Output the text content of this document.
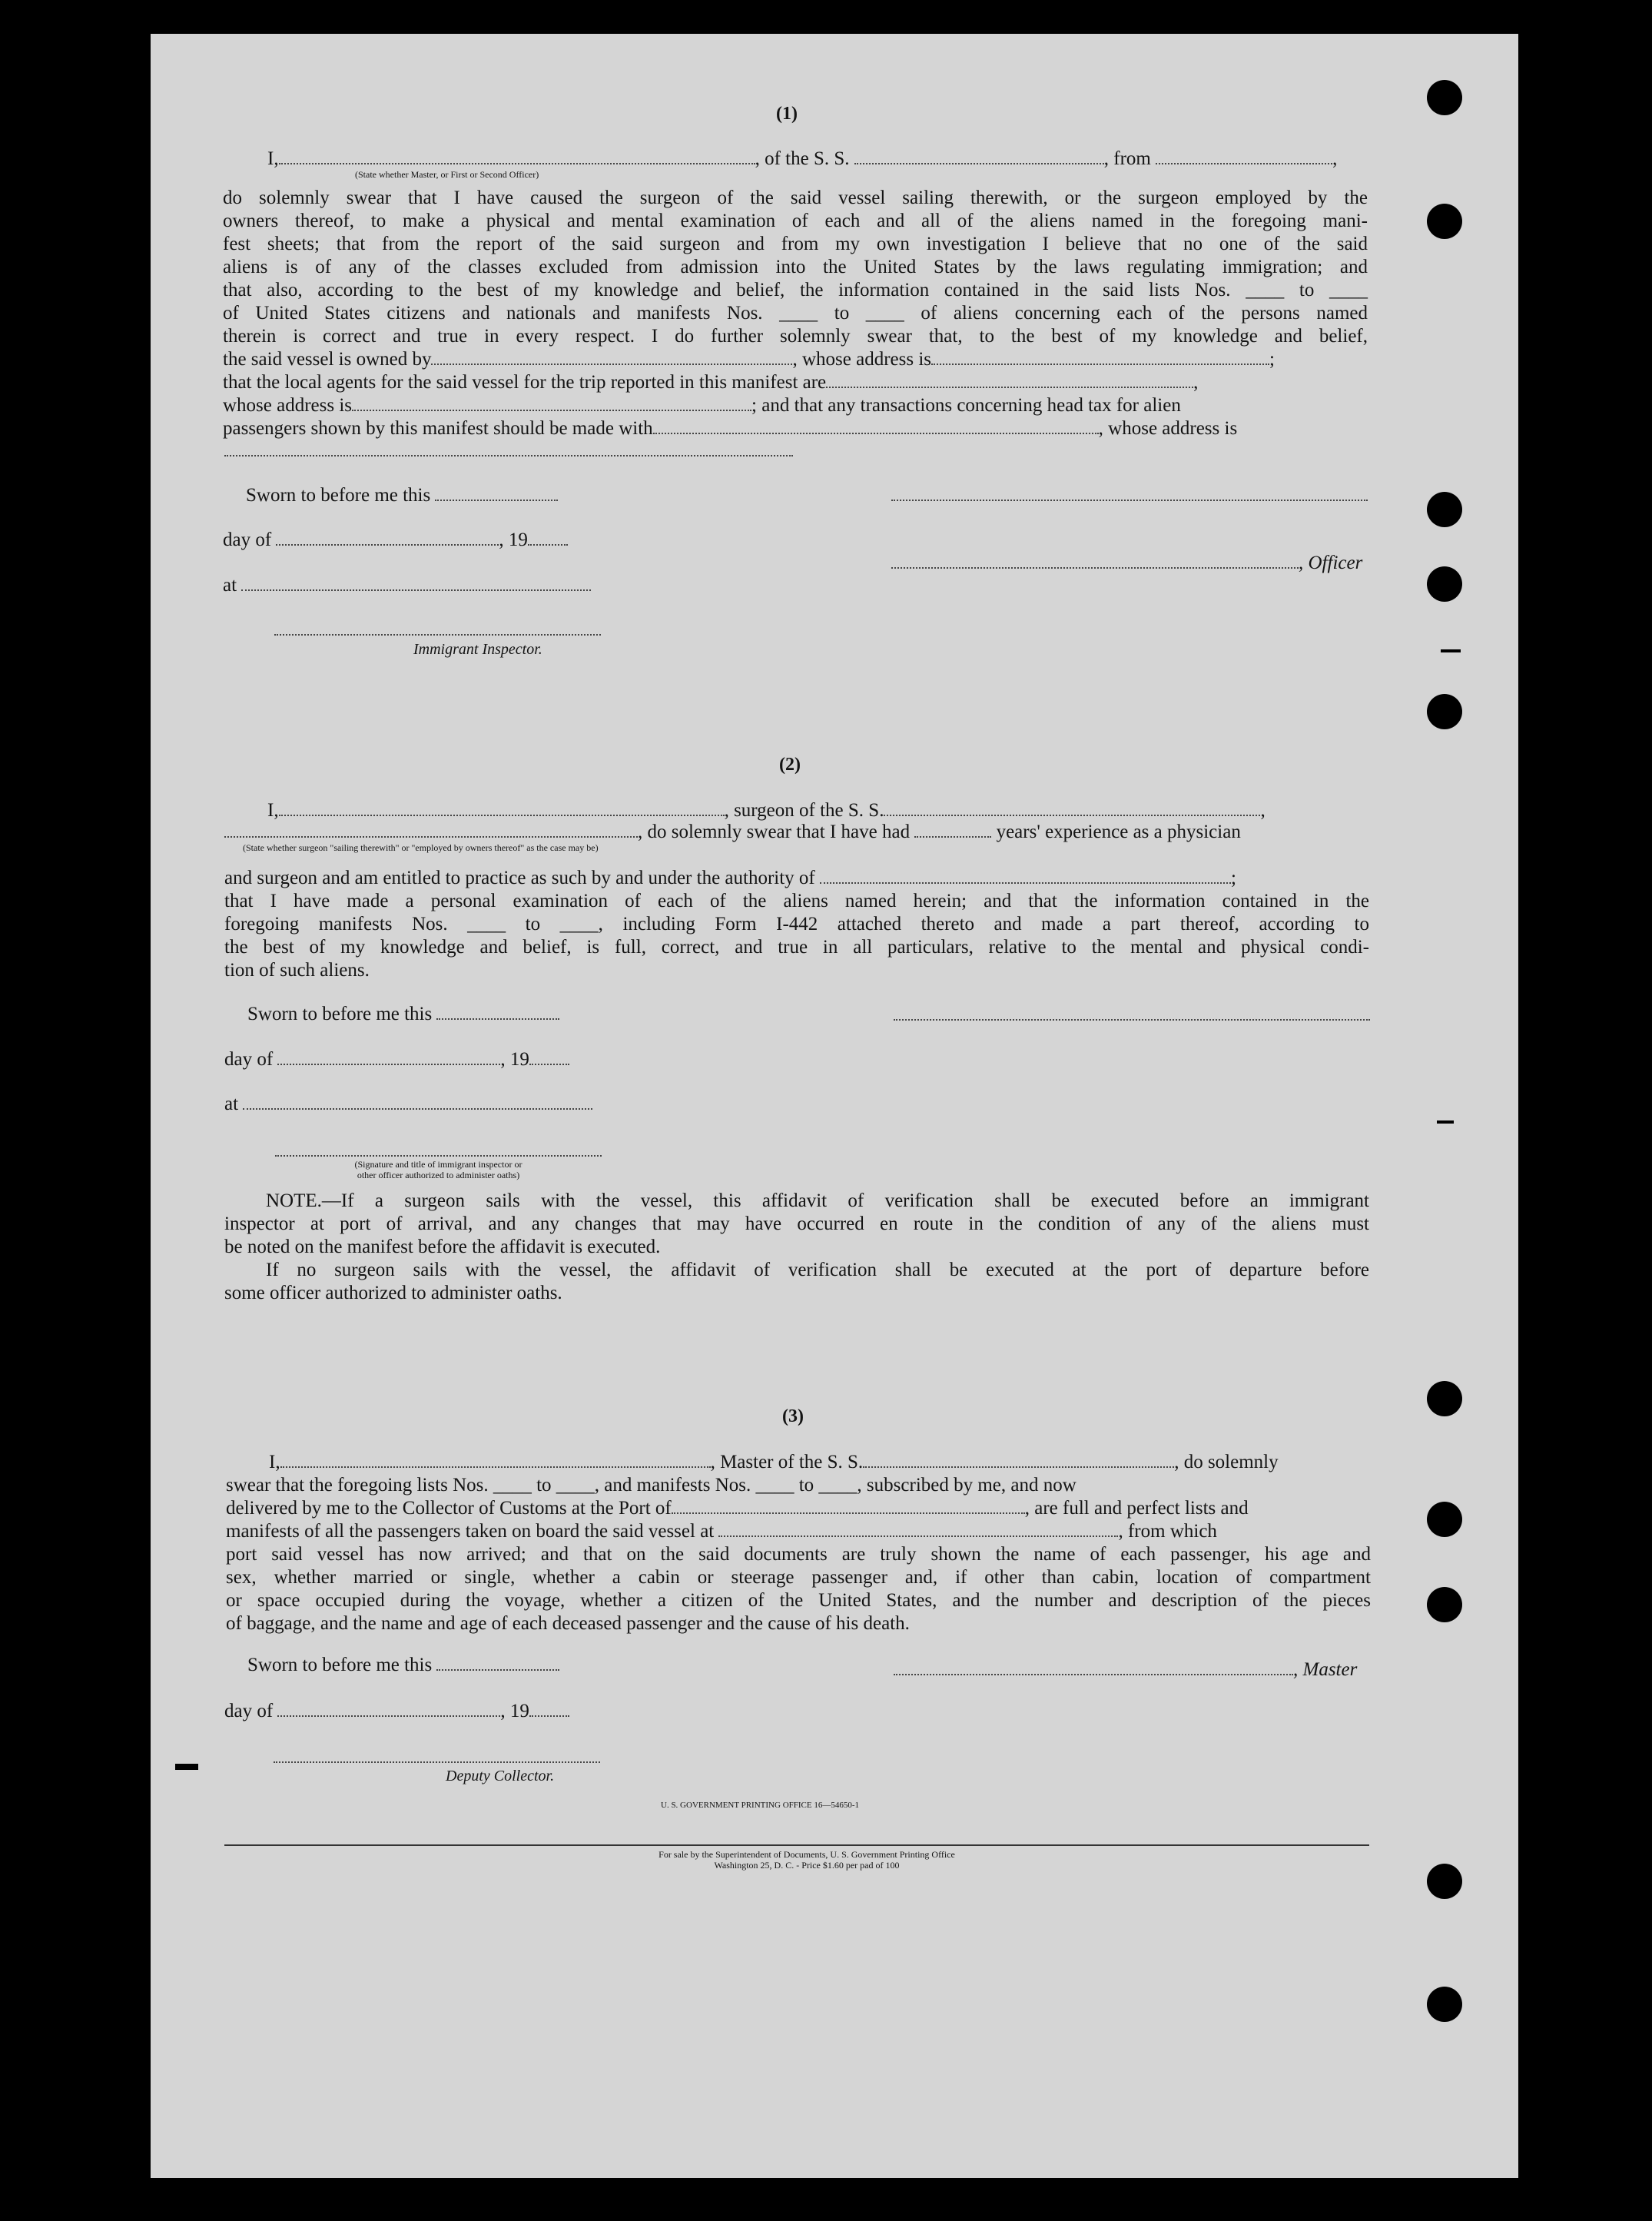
(1)
I,	, of the S. S.	, from	,
(State whether Master, or First or Second Officer)
do solemnly swear that I have caused the surgeon of the said vessel sailing therewith, or the surgeon employed by the
owners thereof, to make a physical and mental examination of each and all of the aliens named in the foregoing mani-
fest sheets; that from the report of the said surgeon and from my own investigation I believe that no one of the said
aliens is of any of the classes excluded from admission into the United States by the laws regulating immigration; and
that also, according to the best of my knowledge and belief, the information contained in the said lists Nos. ____ to ____
of United States citizens and nationals and manifests Nos. ____ to ____ of aliens concerning each of the persons named
therein is correct and true in every respect. I do further solemnly swear that, to the best of my knowledge and belief,
the said vessel is owned by	, whose address is	;
that the local agents for the said vessel for the trip reported in this manifest are	,
whose address is	; and that any transactions concerning head tax for alien
passengers shown by this manifest should be made with	, whose address is
Sworn to before me this
day of	, 19
, Officer
at
Immigrant Inspector.
(2)
I,	, surgeon of the S. S.	,
, do solemnly swear that I have had	years' experience as a physician
(State whether surgeon "sailing therewith" or "employed by owners thereof" as the case may be)
and surgeon and am entitled to practice as such by and under the authority of	;
that I have made a personal examination of each of the aliens named herein; and that the information contained in the
foregoing manifests Nos. ____ to ____, including Form I-442 attached thereto and made a part thereof, according to
the best of my knowledge and belief, is full, correct, and true in all particulars, relative to the mental and physical condi-
tion of such aliens.
Sworn to before me this
day of	, 19
at
(Signature and title of immigrant inspector or
other officer authorized to administer oaths)
NOTE.—If a surgeon sails with the vessel, this affidavit of verification shall be executed before an immigrant
inspector at port of arrival, and any changes that may have occurred en route in the condition of any of the aliens must
be noted on the manifest before the affidavit is executed.
If no surgeon sails with the vessel, the affidavit of verification shall be executed at the port of departure before
some officer authorized to administer oaths.
(3)
I,	, Master of the S. S.	, do solemnly
swear that the foregoing lists Nos. ____ to ____, and manifests Nos. ____ to ____, subscribed by me, and now
delivered by me to the Collector of Customs at the Port of	, are full and perfect lists and
manifests of all the passengers taken on board the said vessel at	, from which
port said vessel has now arrived; and that on the said documents are truly shown the name of each passenger, his age and
sex, whether married or single, whether a cabin or steerage passenger and, if other than cabin, location of compartment
or space occupied during the voyage, whether a citizen of the United States, and the number and description of the pieces
of baggage, and the name and age of each deceased passenger and the cause of his death.
Sworn to before me this	, Master
day of	, 19
Deputy Collector.
U. S. GOVERNMENT PRINTING OFFICE 16—54650-1
For sale by the Superintendent of Documents, U. S. Government Printing Office
Washington 25, D. C. - Price $1.60 per pad of 100
